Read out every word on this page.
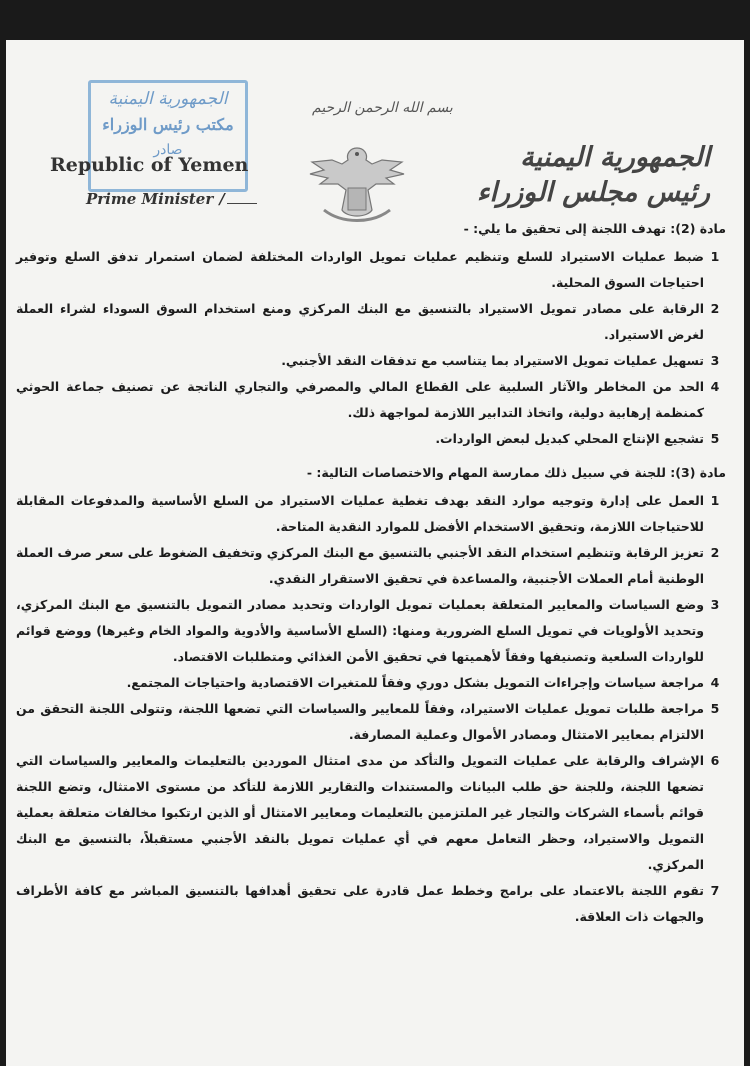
الجمهورية اليمنية
مكتب رئيس الوزراء
صادر
Republic of Yemen
Prime Minister /
بسم الله الرحمن الرحيم
الجمهورية اليمنية
رئيس مجلس الوزراء

مادة (2): تهدف اللجنة إلى تحقيق ما يلي: -

1
ضبط عمليات الاستيراد للسلع وتنظيم عمليات تمويل الواردات المختلفة لضمان استمرار تدفق السلع وتوفير احتياجات السوق المحلية.
2
الرقابة على مصادر تمويل الاستيراد بالتنسيق مع البنك المركزي ومنع استخدام السوق السوداء لشراء العملة لغرض الاستيراد.
3
تسهيل عمليات تمويل الاستيراد بما يتناسب مع تدفقات النقد الأجنبي.
4
الحد من المخاطر والآثار السلبية على القطاع المالي والمصرفي والتجاري الناتجة عن تصنيف جماعة الحوثي كمنظمة إرهابية دولية، واتخاذ التدابير اللازمة لمواجهة ذلك.
5
تشجيع الإنتاج المحلي كبديل لبعض الواردات.

مادة (3): للجنة في سبيل ذلك ممارسة المهام والاختصاصات التالية: -

1
العمل على إدارة وتوجيه موارد النقد بهدف تغطية عمليات الاستيراد من السلع الأساسية والمدفوعات المقابلة للاحتياجات اللازمة، وتحقيق الاستخدام الأفضل للموارد النقدية المتاحة.
2
تعزيز الرقابة وتنظيم استخدام النقد الأجنبي بالتنسيق مع البنك المركزي وتخفيف الضغوط على سعر صرف العملة الوطنية أمام العملات الأجنبية، والمساعدة في تحقيق الاستقرار النقدي.
3
وضع السياسات والمعايير المتعلقة بعمليات تمويل الواردات وتحديد مصادر التمويل بالتنسيق مع البنك المركزي، وتحديد الأولويات في تمويل السلع الضرورية ومنها: (السلع الأساسية والأدوية والمواد الخام وغيرها) ووضع قوائم للواردات السلعية وتصنيفها وفقاً لأهميتها في تحقيق الأمن الغذائي ومتطلبات الاقتصاد.
4
مراجعة سياسات وإجراءات التمويل بشكل دوري وفقاً للمتغيرات الاقتصادية واحتياجات المجتمع.
5
مراجعة طلبات تمويل عمليات الاستيراد، وفقاً للمعايير والسياسات التي تضعها اللجنة، وتتولى اللجنة التحقق من الالتزام بمعايير الامتثال ومصادر الأموال وعملية المصارفة.
6
الإشراف والرقابة على عمليات التمويل والتأكد من مدى امتثال الموردين بالتعليمات والمعايير والسياسات التي تضعها اللجنة، وللجنة حق طلب البيانات والمستندات والتقارير اللازمة للتأكد من مستوى الامتثال، وتضع اللجنة قوائم بأسماء الشركات والتجار غير الملتزمين بالتعليمات ومعايير الامتثال أو الذين ارتكبوا مخالفات متعلقة بعملية التمويل والاستيراد، وحظر التعامل معهم في أي عمليات تمويل بالنقد الأجنبي مستقبلاً، بالتنسيق مع البنك المركزي.
7
تقوم اللجنة بالاعتماد على برامج وخطط عمل قادرة على تحقيق أهدافها بالتنسيق المباشر مع كافة الأطراف والجهات ذات العلاقة.
